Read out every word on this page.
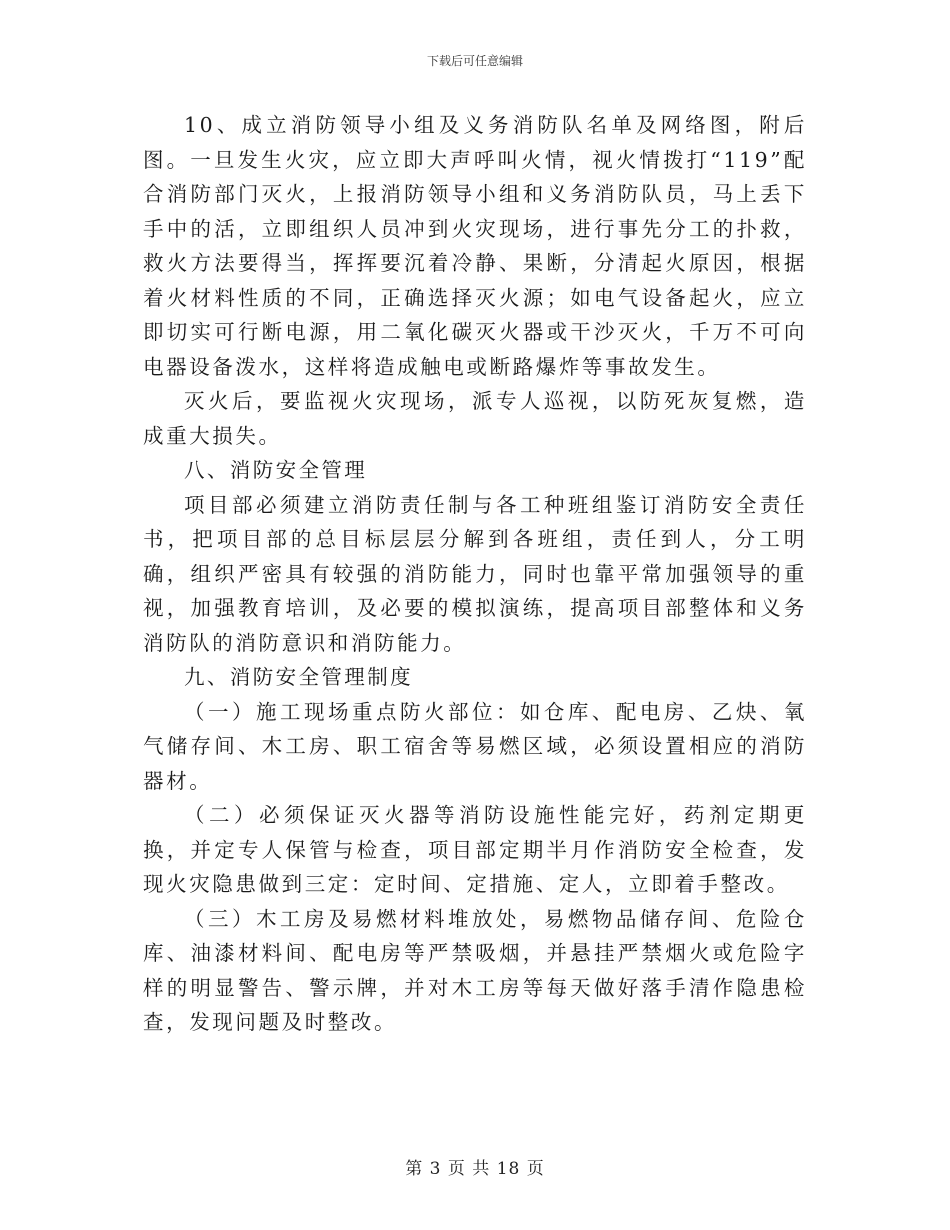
下载后可任意编辑

10、成立消防领导小组及义务消防队名单及网络图，附后图。一旦发生火灾，应立即大声呼叫火情，视火情拨打“119”配合消防部门灭火，上报消防领导小组和义务消防队员，马上丢下手中的活，立即组织人员冲到火灾现场，进行事先分工的扑救，救火方法要得当，挥挥要沉着冷静、果断，分清起火原因，根据着火材料性质的不同，正确选择灭火源；如电气设备起火，应立即切实可行断电源，用二氧化碳灭火器或干沙灭火，千万不可向电器设备泼水，这样将造成触电或断路爆炸等事故发生。

灭火后，要监视火灾现场，派专人巡视，以防死灰复燃，造成重大损失。

八、消防安全管理

项目部必须建立消防责任制与各工种班组鉴订消防安全责任书，把项目部的总目标层层分解到各班组，责任到人，分工明确，组织严密具有较强的消防能力，同时也靠平常加强领导的重视，加强教育培训，及必要的模拟演练，提高项目部整体和义务消防队的消防意识和消防能力。

九、消防安全管理制度

（一）施工现场重点防火部位：如仓库、配电房、乙炔、氧气储存间、木工房、职工宿舍等易燃区域，必须设置相应的消防器材。

（二）必须保证灭火器等消防设施性能完好，药剂定期更换，并定专人保管与检查，项目部定期半月作消防安全检查，发现火灾隐患做到三定：定时间、定措施、定人，立即着手整改。

（三）木工房及易燃材料堆放处，易燃物品储存间、危险仓库、油漆材料间、配电房等严禁吸烟，并悬挂严禁烟火或危险字样的明显警告、警示牌，并对木工房等每天做好落手清作隐患检查，发现问题及时整改。

第 3 页 共 18 页
